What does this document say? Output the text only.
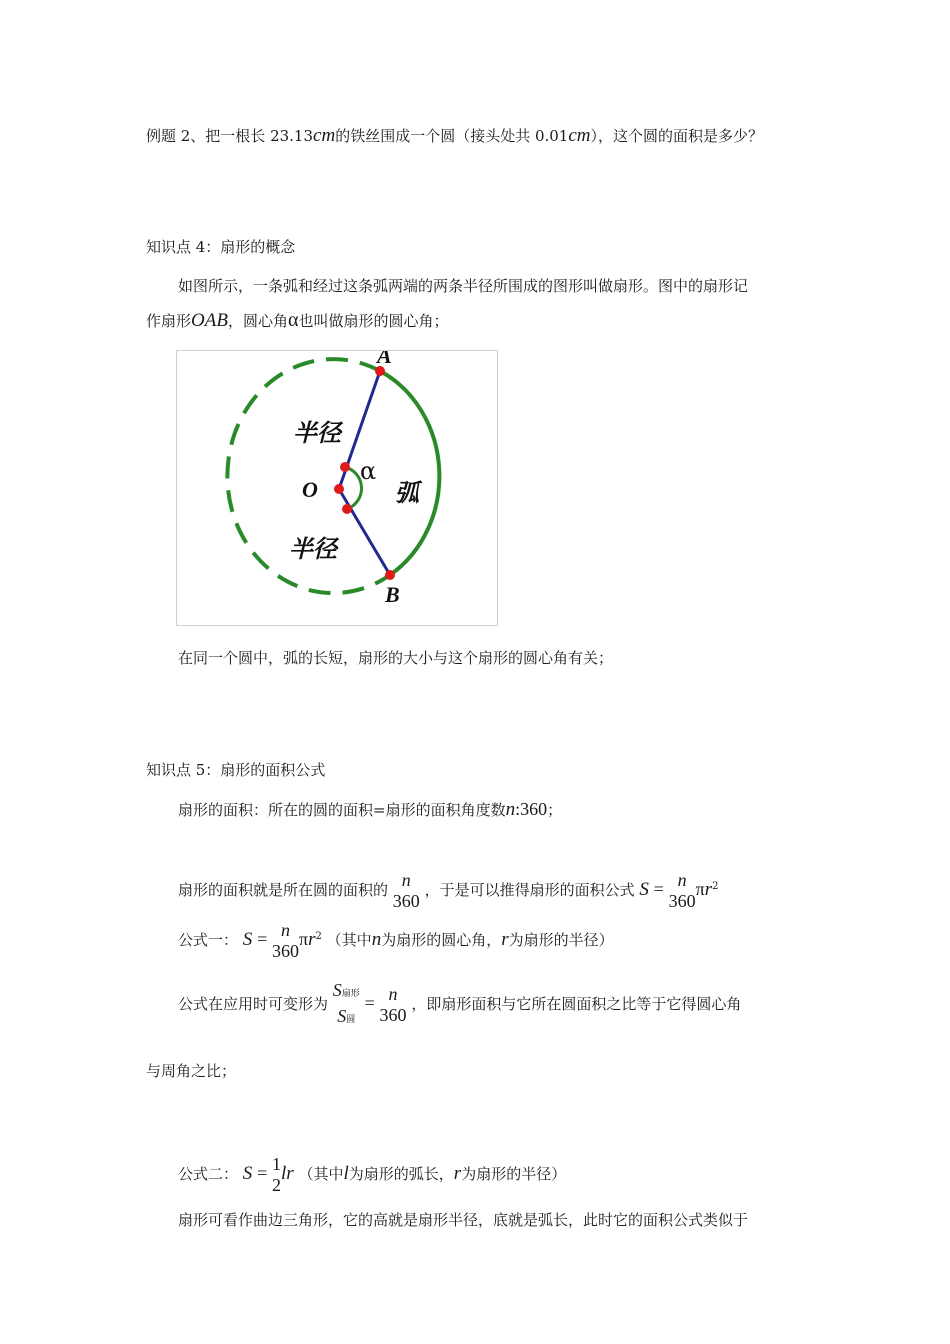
例题 2、把一根长 23.13cm的铁丝围成一个圆（接头处共 0.01cm），这个圆的面积是多少？
知识点 4：扇形的概念
如图所示，一条弧和经过这条弧两端的两条半径所围成的图形叫做扇形。图中的扇形记
作扇形OAB，圆心角α也叫做扇形的圆心角；
A
B
O
α
半径
半径
弧
在同一个圆中，弧的长短，扇形的大小与这个扇形的圆心角有关；
知识点 5：扇形的面积公式
扇形的面积：所在的圆的面积=扇形的面积角度数n:360；
扇形的面积就是所在圆的面积的 n
360
，于是可以推得扇形的面积公式 S = n
360
$\pi r^2$
公式一： S = n
360
$\pi r^2$ （其中n为扇形的圆心角，r为扇形的半径）
公式在应用时可变形为
S扇形
S圆
= n
360
，即扇形面积与它所在圆面积之比等于它得圆心角
与周角之比；
公式二： S = 1
2
lr （其中l为扇形的弧长，r为扇形的半径）
扇形可看作曲边三角形，它的高就是扇形半径，底就是弧长，此时它的面积公式类似于
